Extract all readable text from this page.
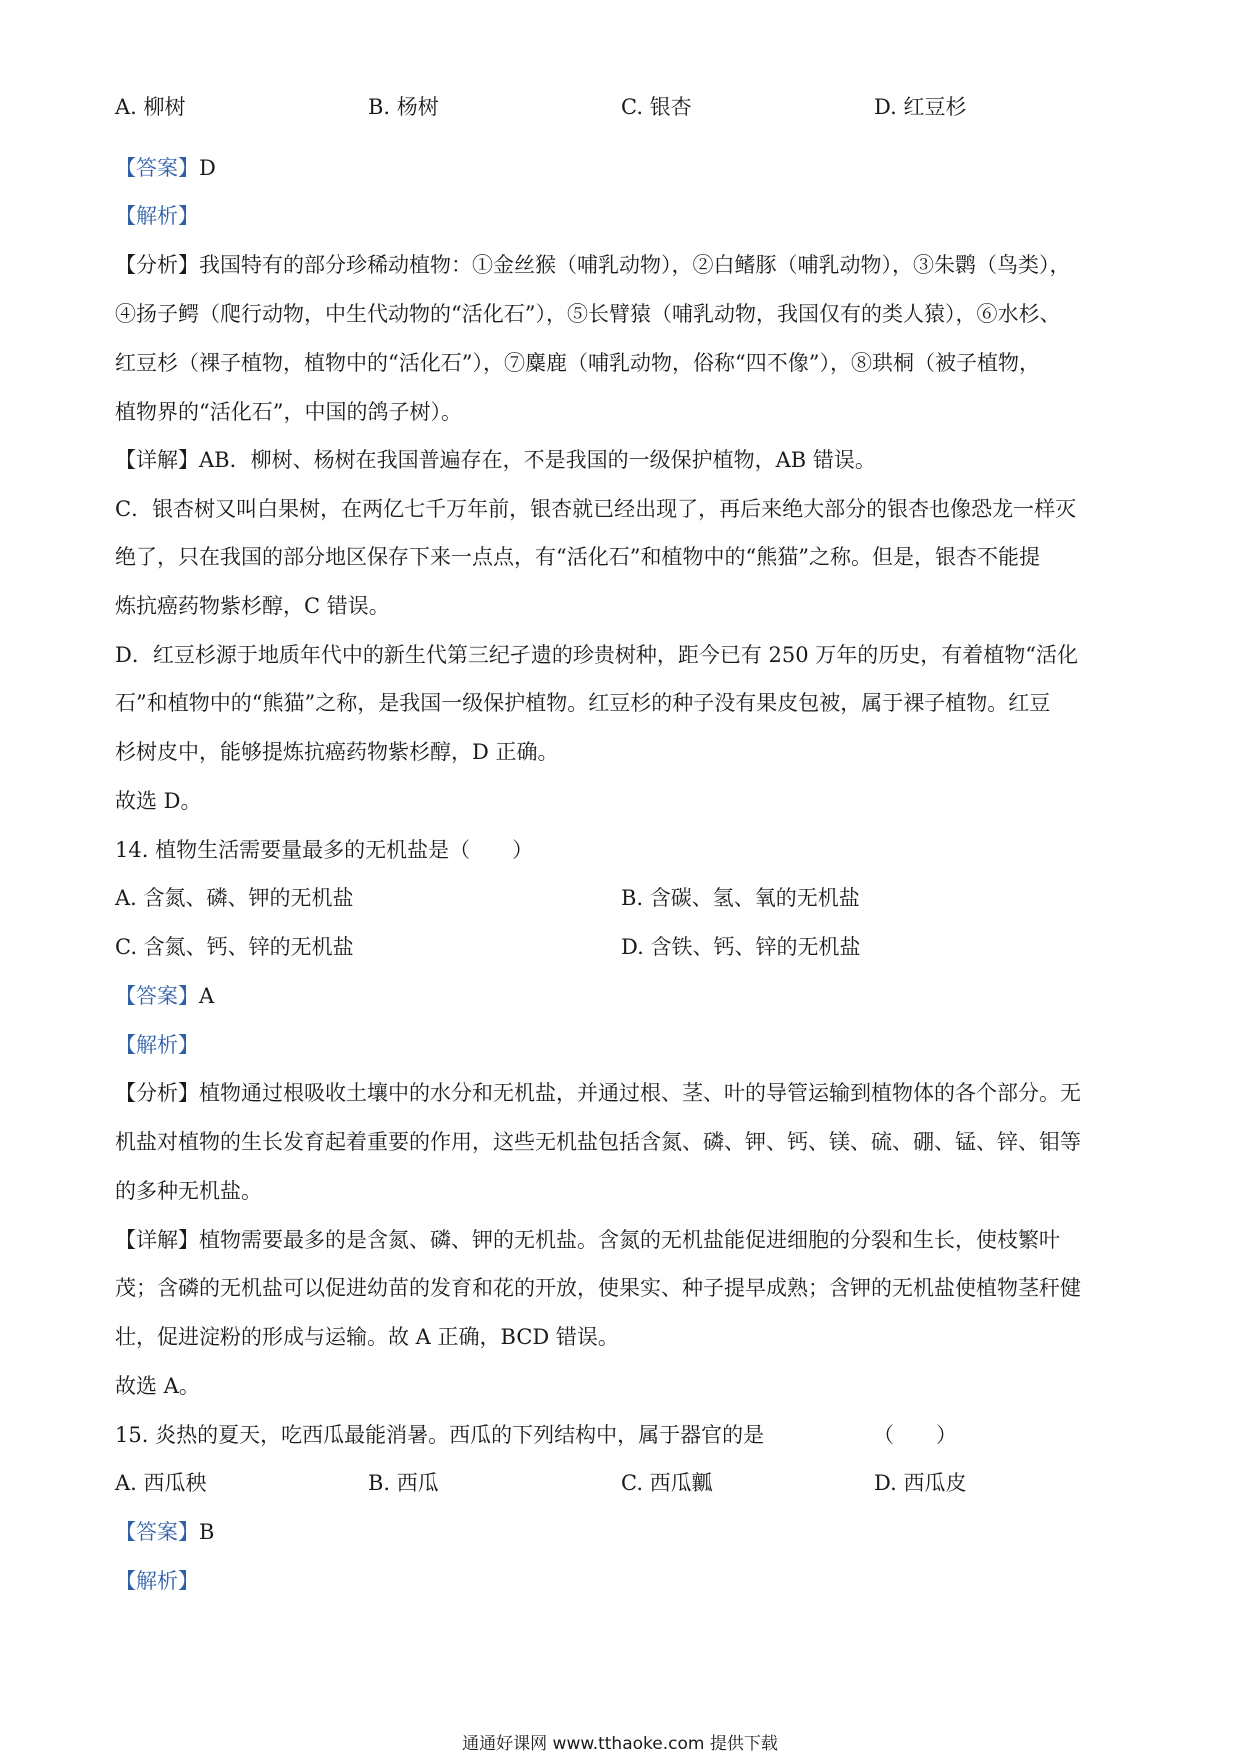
A. 柳树	B. 杨树	C. 银杏	D. 红豆杉
【答案】D
【解析】
【分析】我国特有的部分珍稀动植物：①金丝猴（哺乳动物），②白鳍豚（哺乳动物），③朱鹮（鸟类），
④扬子鳄（爬行动物，中生代动物的“活化石”），⑤长臂猿（哺乳动物，我国仅有的类人猿），⑥水杉、
红豆杉（裸子植物，植物中的“活化石”），⑦麋鹿（哺乳动物，俗称“四不像”），⑧珙桐（被子植物，
植物界的“活化石”，中国的鸽子树）。
【详解】AB．柳树、杨树在我国普遍存在，不是我国的一级保护植物，AB 错误。
C．银杏树又叫白果树，在两亿七千万年前，银杏就已经出现了，再后来绝大部分的银杏也像恐龙一样灭
绝了，只在我国的部分地区保存下来一点点，有“活化石”和植物中的“熊猫”之称。但是，银杏不能提
炼抗癌药物紫杉醇，C 错误。
D．红豆杉源于地质年代中的新生代第三纪孑遗的珍贵树种，距今已有 250 万年的历史，有着植物“活化
石”和植物中的“熊猫”之称，是我国一级保护植物。红豆杉的种子没有果皮包被，属于裸子植物。红豆
杉树皮中，能够提炼抗癌药物紫杉醇，D 正确。
故选 D。
14. 植物生活需要量最多的无机盐是（　　）
A. 含氮、磷、钾的无机盐	B. 含碳、氢、氧的无机盐
C. 含氮、钙、锌的无机盐	D. 含铁、钙、锌的无机盐
【答案】A
【解析】
【分析】植物通过根吸收土壤中的水分和无机盐，并通过根、茎、叶的导管运输到植物体的各个部分。无
机盐对植物的生长发育起着重要的作用，这些无机盐包括含氮、磷、钾、钙、镁、硫、硼、锰、锌、钼等
的多种无机盐。
【详解】植物需要最多的是含氮、磷、钾的无机盐。含氮的无机盐能促进细胞的分裂和生长，使枝繁叶
茂；含磷的无机盐可以促进幼苗的发育和花的开放，使果实、种子提早成熟；含钾的无机盐使植物茎秆健
壮，促进淀粉的形成与运输。故 A 正确，BCD 错误。
故选 A。
15. 炎热的夏天，吃西瓜最能消暑。西瓜的下列结构中，属于器官的是	（　　）
A. 西瓜秧	B. 西瓜	C. 西瓜瓤	D. 西瓜皮
【答案】B
【解析】
通通好课网 www.tthaoke.com 提供下载
